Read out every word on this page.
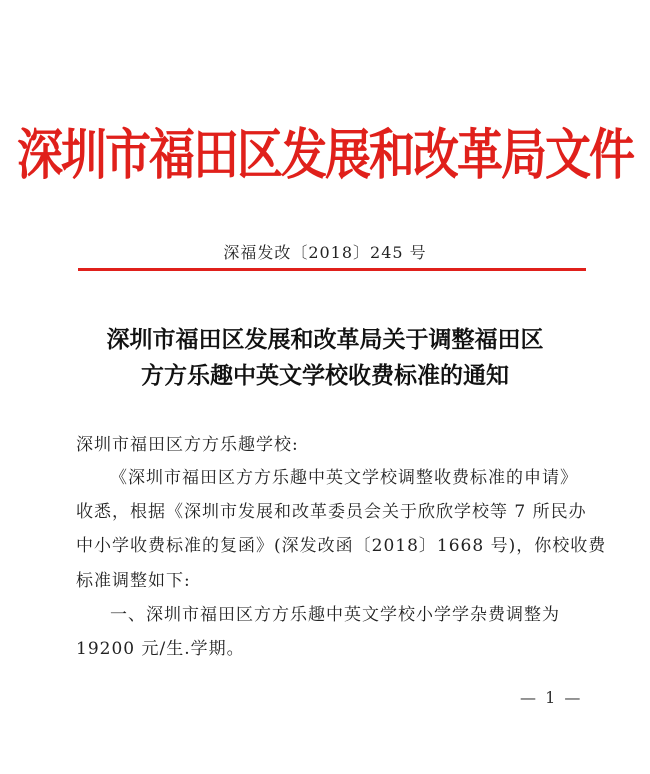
深圳市福田区发展和改革局文件
深福发改〔2018〕245 号
深圳市福田区发展和改革局关于调整福田区
方方乐趣中英文学校收费标准的通知
深圳市福田区方方乐趣学校:
《深圳市福田区方方乐趣中英文学校调整收费标准的申请》
收悉，根据《深圳市发展和改革委员会关于欣欣学校等 7 所民办
中小学收费标准的复函》(深发改函〔2018〕1668 号)，你校收费
标准调整如下:
一、深圳市福田区方方乐趣中英文学校小学学杂费调整为
19200 元/生.学期。
— 1 —
